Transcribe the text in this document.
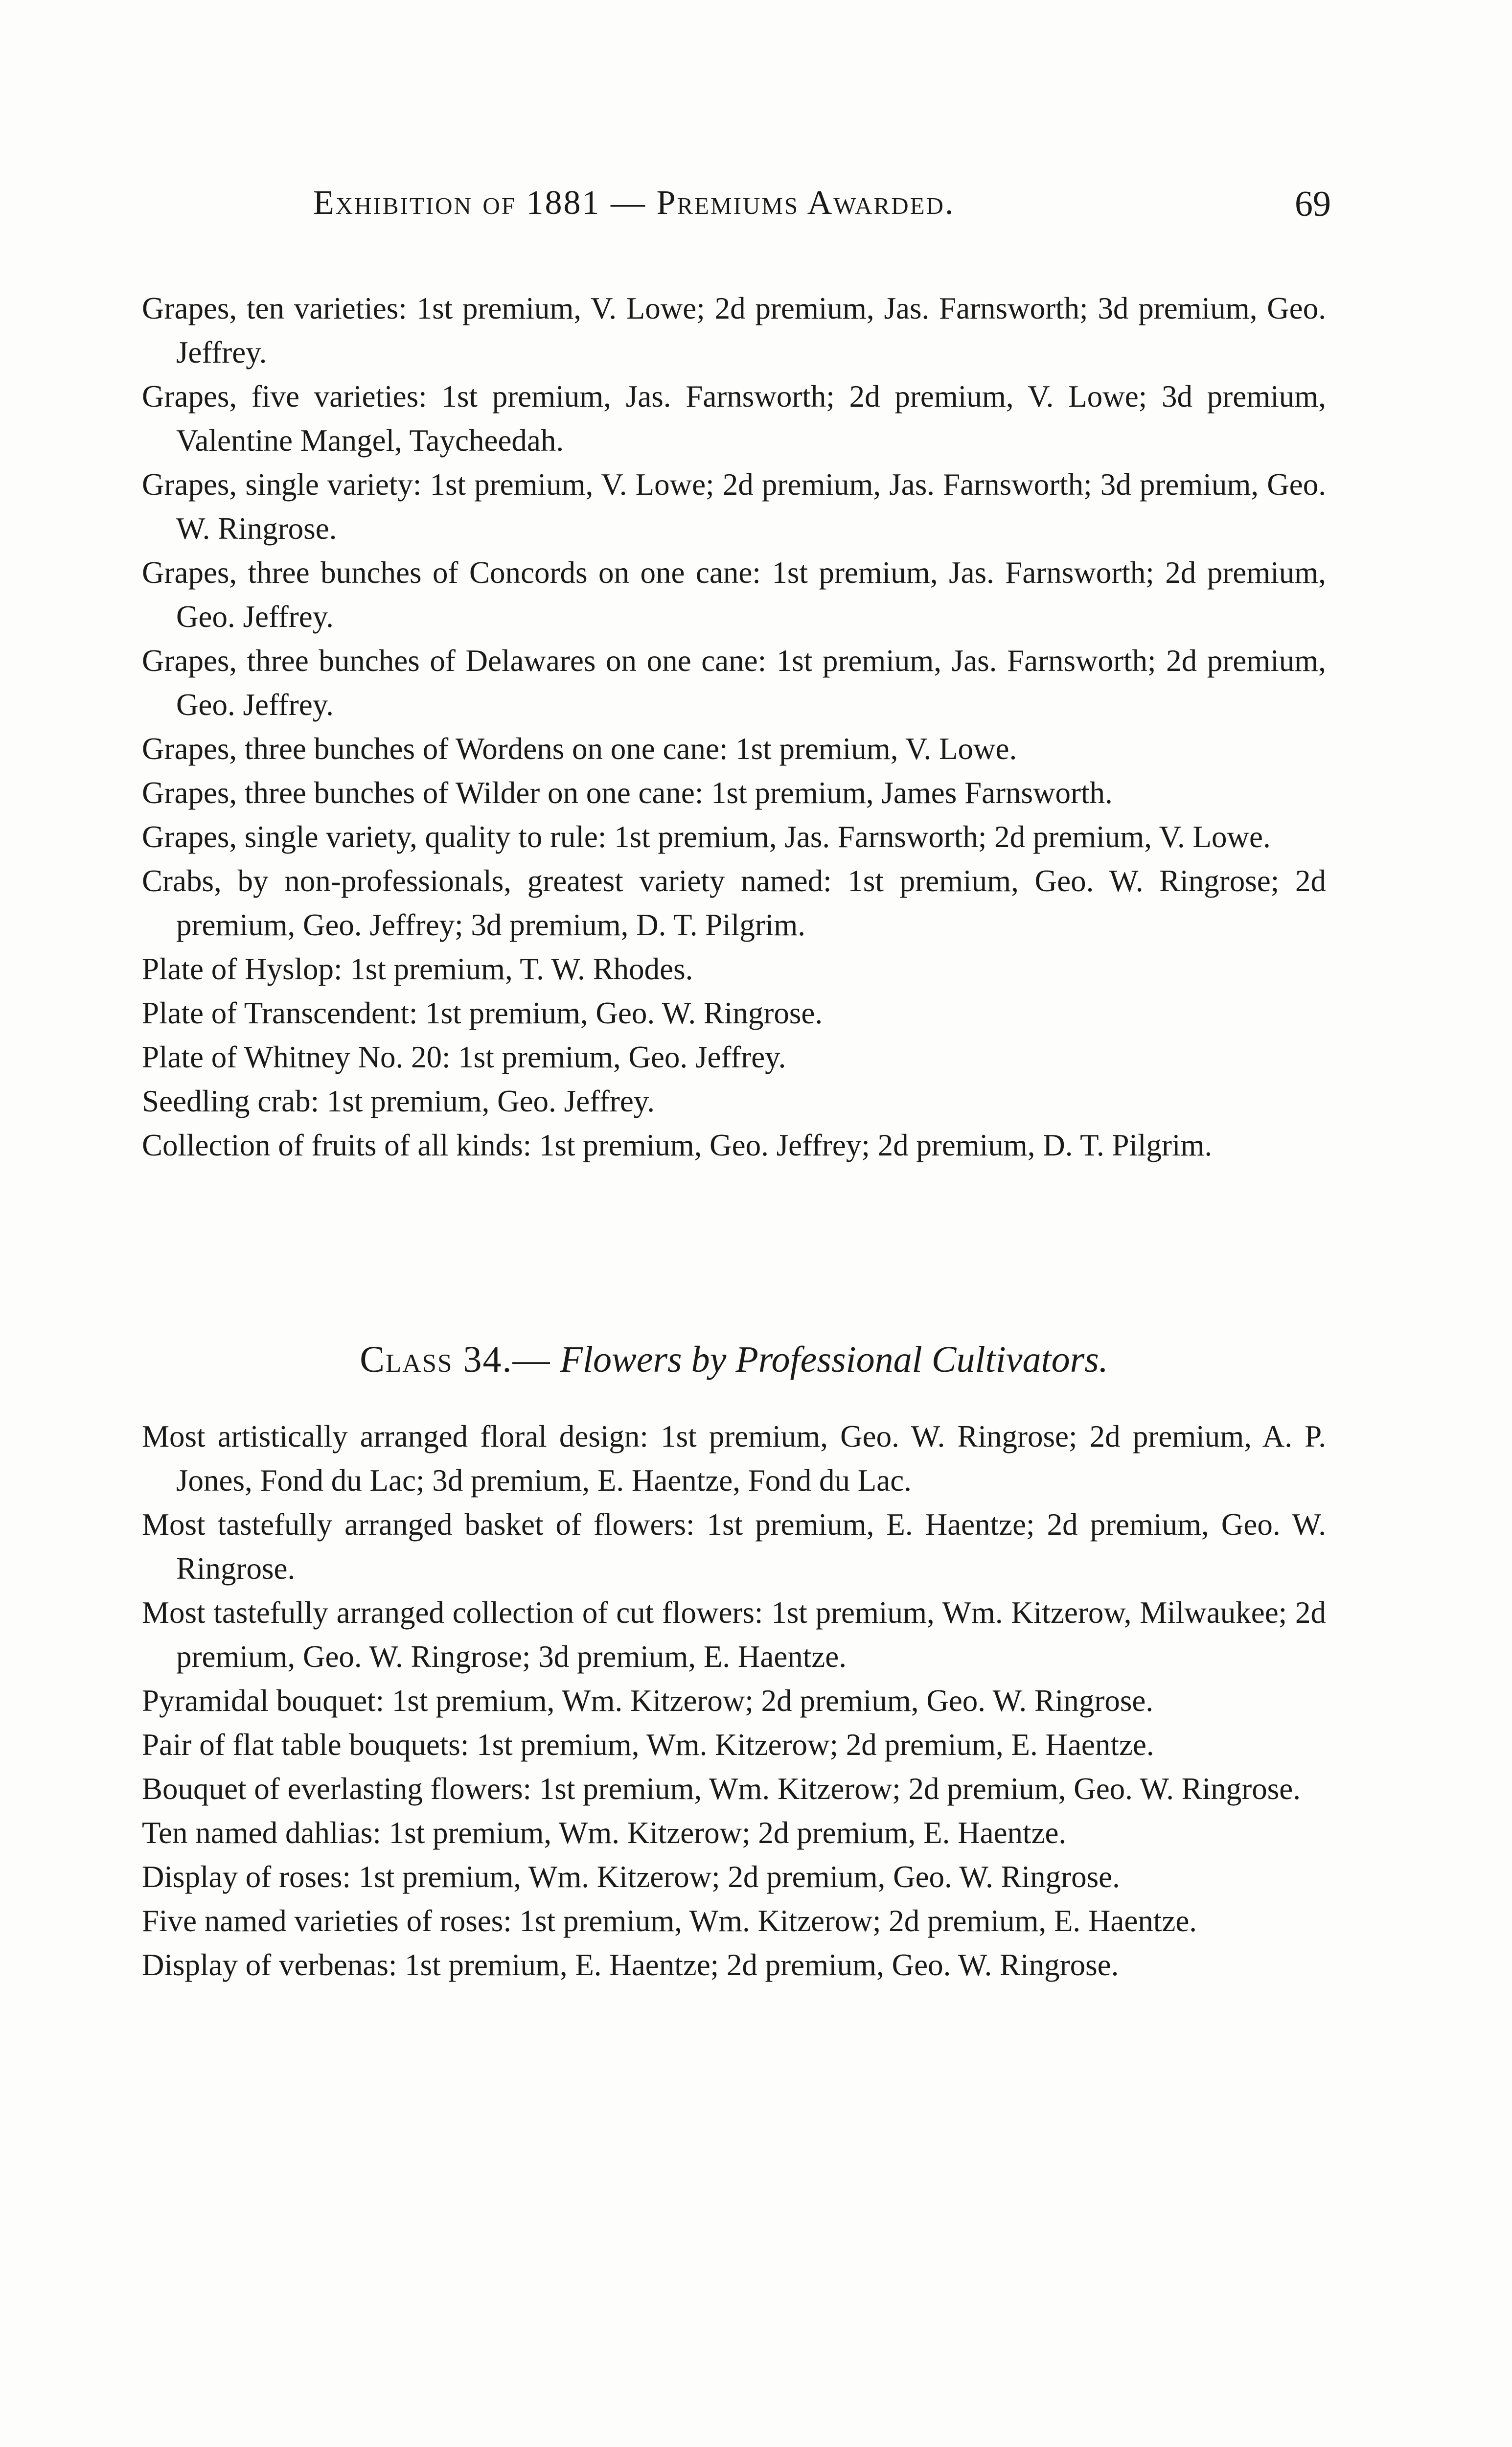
Exhibition of 1881 — Premiums Awarded.	69

Grapes, ten varieties: 1st premium, V. Lowe; 2d premium, Jas. Farnsworth; 3d premium, Geo. Jeffrey.

Grapes, five varieties: 1st premium, Jas. Farnsworth; 2d premium, V. Lowe; 3d premium, Valentine Mangel, Taycheedah.

Grapes, single variety: 1st premium, V. Lowe; 2d premium, Jas. Farnsworth; 3d premium, Geo. W. Ringrose.

Grapes, three bunches of Concords on one cane: 1st premium, Jas. Farnsworth; 2d premium, Geo. Jeffrey.

Grapes, three bunches of Delawares on one cane: 1st premium, Jas. Farnsworth; 2d premium, Geo. Jeffrey.

Grapes, three bunches of Wordens on one cane: 1st premium, V. Lowe.

Grapes, three bunches of Wilder on one cane: 1st premium, James Farnsworth.

Grapes, single variety, quality to rule: 1st premium, Jas. Farnsworth; 2d premium, V. Lowe.

Crabs, by non-professionals, greatest variety named: 1st premium, Geo. W. Ringrose; 2d premium, Geo. Jeffrey; 3d premium, D. T. Pilgrim.

Plate of Hyslop: 1st premium, T. W. Rhodes.

Plate of Transcendent: 1st premium, Geo. W. Ringrose.

Plate of Whitney No. 20: 1st premium, Geo. Jeffrey.

Seedling crab: 1st premium, Geo. Jeffrey.

Collection of fruits of all kinds: 1st premium, Geo. Jeffrey; 2d premium, D. T. Pilgrim.

Class 34.— Flowers by Professional Cultivators.

Most artistically arranged floral design: 1st premium, Geo. W. Ringrose; 2d premium, A. P. Jones, Fond du Lac; 3d premium, E. Haentze, Fond du Lac.

Most tastefully arranged basket of flowers: 1st premium, E. Haentze; 2d premium, Geo. W. Ringrose.

Most tastefully arranged collection of cut flowers: 1st premium, Wm. Kitzerow, Milwaukee; 2d premium, Geo. W. Ringrose; 3d premium, E. Haentze.

Pyramidal bouquet: 1st premium, Wm. Kitzerow; 2d premium, Geo. W. Ringrose.

Pair of flat table bouquets: 1st premium, Wm. Kitzerow; 2d premium, E. Haentze.

Bouquet of everlasting flowers: 1st premium, Wm. Kitzerow; 2d premium, Geo. W. Ringrose.

Ten named dahlias: 1st premium, Wm. Kitzerow; 2d premium, E. Haentze.

Display of roses: 1st premium, Wm. Kitzerow; 2d premium, Geo. W. Ringrose.

Five named varieties of roses: 1st premium, Wm. Kitzerow; 2d premium, E. Haentze.

Display of verbenas: 1st premium, E. Haentze; 2d premium, Geo. W. Ringrose.
